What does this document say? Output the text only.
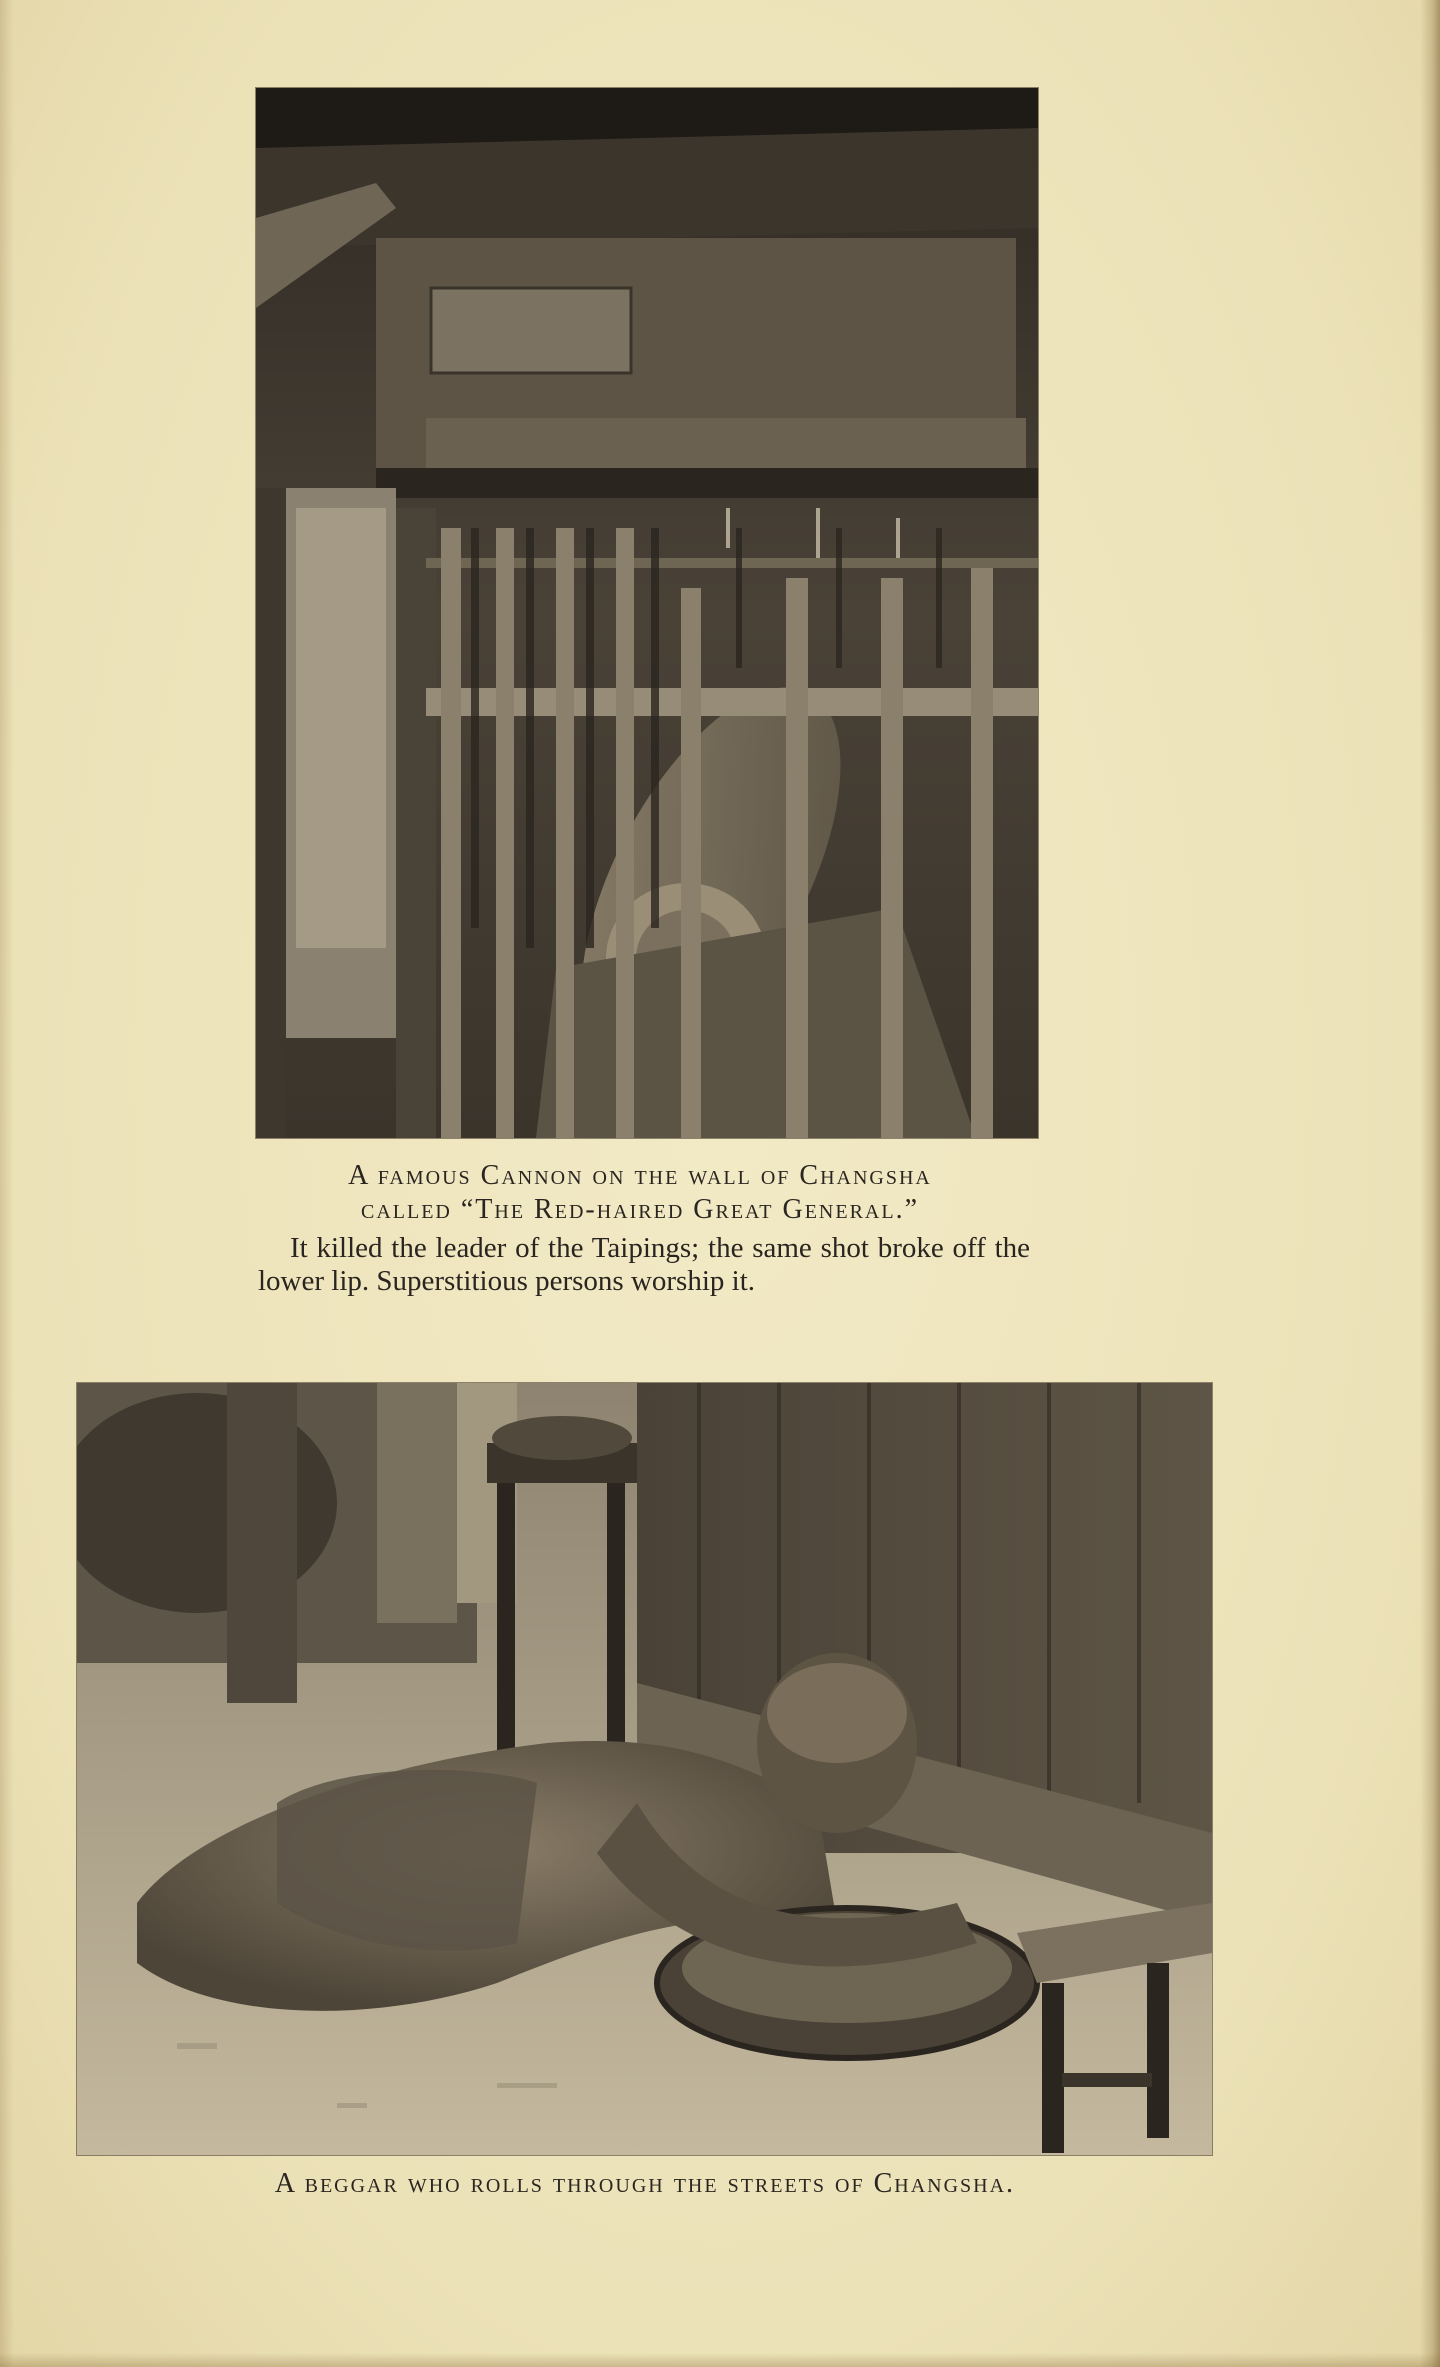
A famous Cannon on the wall of Changsha
called “The Red-haired Great General.”
It killed the leader of the Taipings; the same shot broke off the lower lip. Superstitious persons worship it.
A beggar who rolls through the streets of Changsha.
